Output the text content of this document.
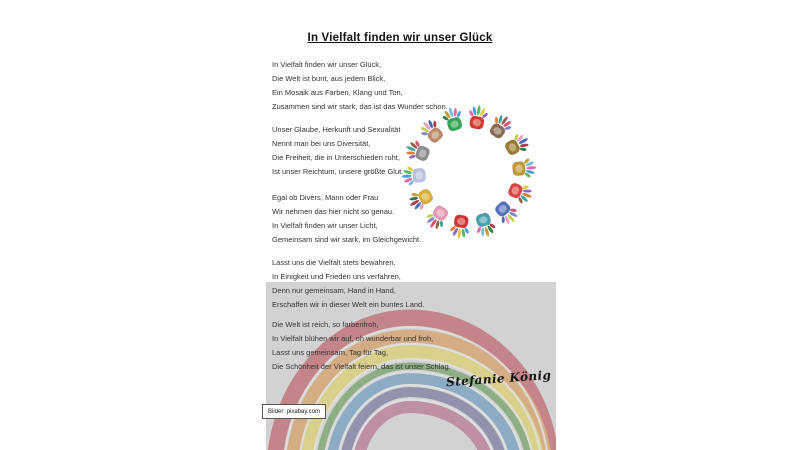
In Vielfalt finden wir unser Glück

In Vielfalt finden wir unser Glück,
Die Welt ist bunt, aus jedem Blick,
Ein Mosaik aus Farben, Klang und Ton,
Zusammen sind wir stark, das ist das Wunder schon.

Unser Glaube, Herkunft und Sexualität
Nennt man bei uns Diversität,
Die Freiheit, die in Unterschieden ruht,
Ist unser Reichtum, unsere größte Glut.

Egal ob Divers, Mann oder Frau
Wir nehmen das hier nicht so genau.
In Vielfalt finden wir unser Licht,
Gemeinsam sind wir stark, im Gleichgewicht.

Lasst uns die Vielfalt stets bewahren,
In Einigkeit und Frieden uns verfahren,
Denn nur gemeinsam, Hand in Hand,
Erschaffen wir in dieser Welt ein buntes Land.

Die Welt ist reich, so farbenfroh,
In Vielfalt blühen wir auf, oh wunderbar und froh,
Lasst uns gemeinsam, Tag für Tag,
Die Schönheit der Vielfalt feiern, das ist unser Schlag.

Stefanie König
Bilder: pixabay.com
